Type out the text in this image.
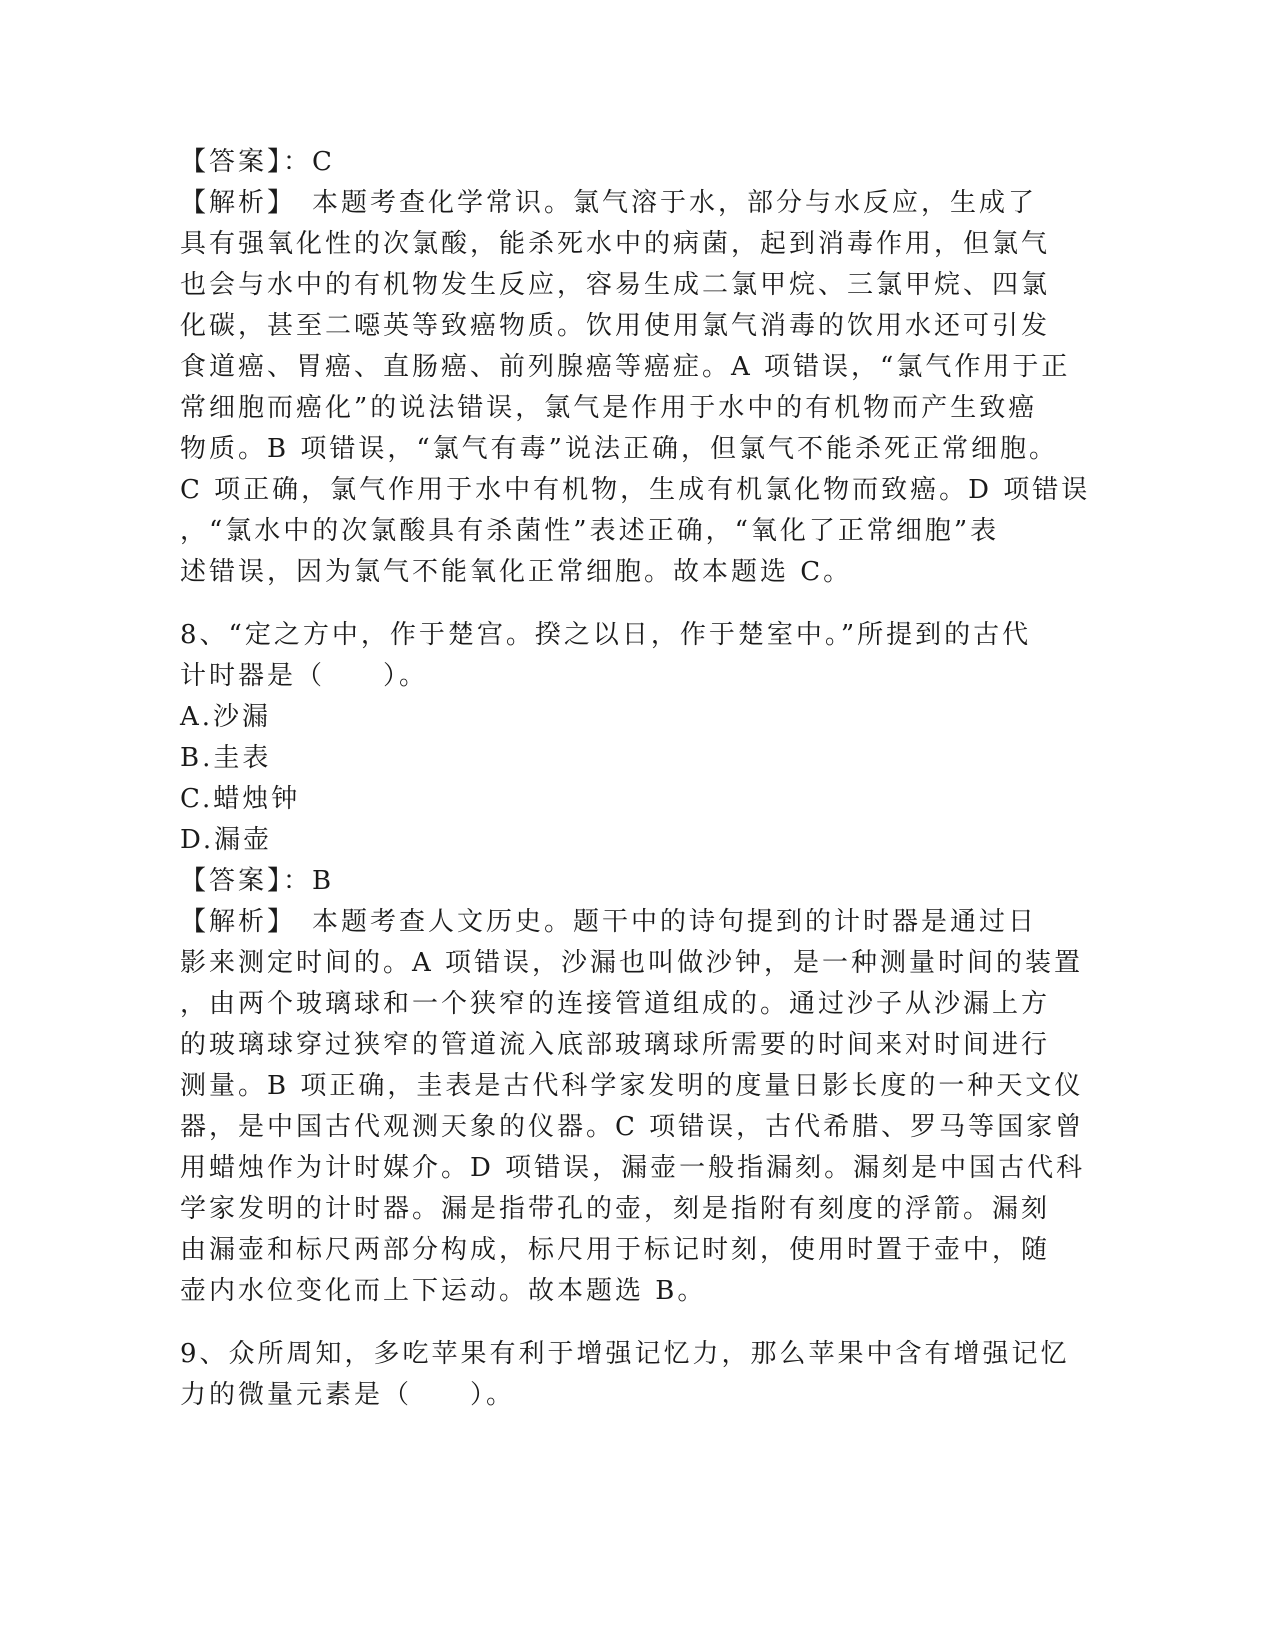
【答案】：C
【解析】　本题考查化学常识。氯气溶于水，部分与水反应，生成了
具有强氧化性的次氯酸，能杀死水中的病菌，起到消毒作用，但氯气
也会与水中的有机物发生反应，容易生成二氯甲烷、三氯甲烷、四氯
化碳，甚至二噁英等致癌物质。饮用使用氯气消毒的饮用水还可引发
食道癌、胃癌、直肠癌、前列腺癌等癌症。A 项错误，“氯气作用于正
常细胞而癌化”的说法错误，氯气是作用于水中的有机物而产生致癌
物质。B 项错误，“氯气有毒”说法正确，但氯气不能杀死正常细胞。
C 项正确，氯气作用于水中有机物，生成有机氯化物而致癌。D 项错误
，“氯水中的次氯酸具有杀菌性”表述正确，“氧化了正常细胞”表
述错误，因为氯气不能氧化正常细胞。故本题选 C。
8、“定之方中，作于楚宫。揆之以日，作于楚室中。”所提到的古代
计时器是（　　）。
A.沙漏
B.圭表
C.蜡烛钟
D.漏壶
【答案】：B
【解析】　本题考查人文历史。题干中的诗句提到的计时器是通过日
影来测定时间的。A 项错误，沙漏也叫做沙钟，是一种测量时间的装置
，由两个玻璃球和一个狭窄的连接管道组成的。通过沙子从沙漏上方
的玻璃球穿过狭窄的管道流入底部玻璃球所需要的时间来对时间进行
测量。B 项正确，圭表是古代科学家发明的度量日影长度的一种天文仪
器，是中国古代观测天象的仪器。C 项错误，古代希腊、罗马等国家曾
用蜡烛作为计时媒介。D 项错误，漏壶一般指漏刻。漏刻是中国古代科
学家发明的计时器。漏是指带孔的壶，刻是指附有刻度的浮箭。漏刻
由漏壶和标尺两部分构成，标尺用于标记时刻，使用时置于壶中，随
壶内水位变化而上下运动。故本题选 B。
9、众所周知，多吃苹果有利于增强记忆力，那么苹果中含有增强记忆
力的微量元素是（　　）。
